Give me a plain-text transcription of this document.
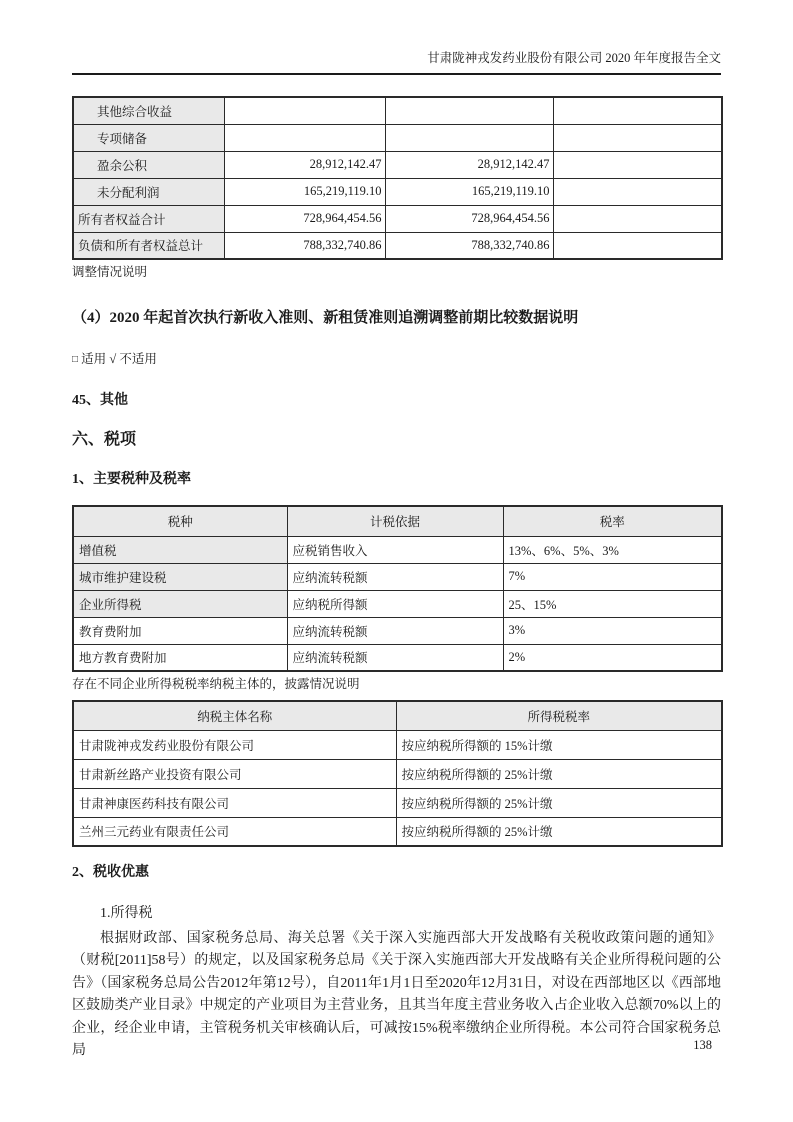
甘肃陇神戎发药业股份有限公司 2020 年年度报告全文
其他综合收益			
专项储备			
盈余公积	28,912,142.47	28,912,142.47	
未分配利润	165,219,119.10	165,219,119.10	
所有者权益合计	728,964,454.56	728,964,454.56	
负债和所有者权益总计	788,332,740.86	788,332,740.86	
调整情况说明
（4）2020 年起首次执行新收入准则、新租赁准则追溯调整前期比较数据说明
□ 适用 √ 不适用
45、其他
六、税项
1、主要税种及税率
税种	计税依据	税率
增值税	应税销售收入	13%、6%、5%、3%
城市维护建设税	应纳流转税额	7%
企业所得税	应纳税所得额	25、15%
教育费附加	应纳流转税额	3%
地方教育费附加	应纳流转税额	2%
存在不同企业所得税税率纳税主体的，披露情况说明
纳税主体名称	所得税税率
甘肃陇神戎发药业股份有限公司	按应纳税所得额的 15%计缴
甘肃新丝路产业投资有限公司	按应纳税所得额的 25%计缴
甘肃神康医药科技有限公司	按应纳税所得额的 25%计缴
兰州三元药业有限责任公司	按应纳税所得额的 25%计缴
2、税收优惠
1.所得税
根据财政部、国家税务总局、海关总署《关于深入实施西部大开发战略有关税收政策问题的通知》（财税[2011]58号）的规定，以及国家税务总局《关于深入实施西部大开发战略有关企业所得税问题的公告》（国家税务总局公告2012年第12号），自2011年1月1日至2020年12月31日，对设在西部地区以《西部地区鼓励类产业目录》中规定的产业项目为主营业务，且其当年度主营业务收入占企业收入总额70%以上的企业，经企业申请，主管税务机关审核确认后，可减按15%税率缴纳企业所得税。本公司符合国家税务总局	138
